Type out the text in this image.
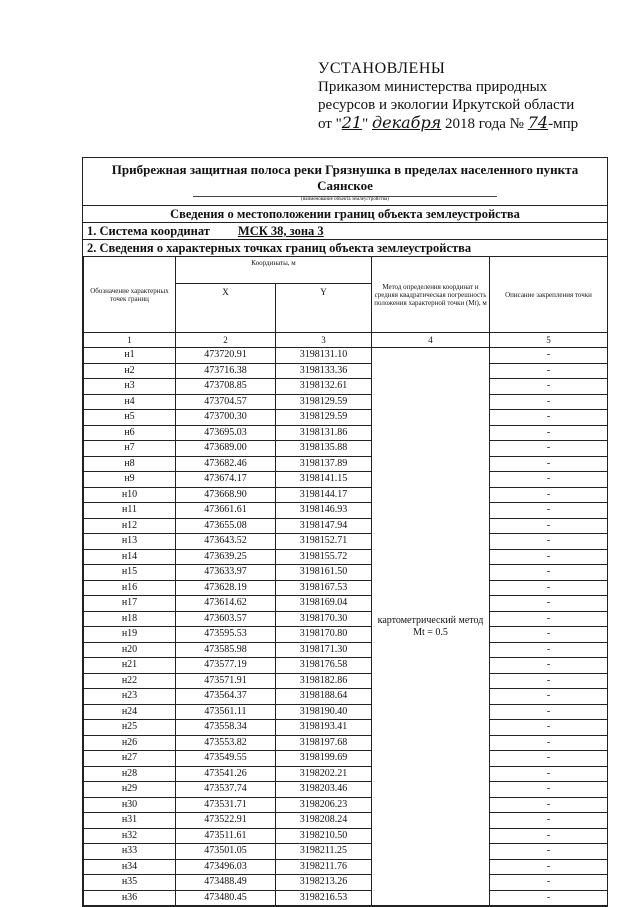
УСТАНОВЛЕНЫ
Приказом министерства природных
ресурсов и экологии Иркутской области
от "21" декабря 2018 года № 74-мпр
Прибрежная защитная полоса реки Грязнушка в пределах населенного пункта Саянское
(наименование объекта землеустройства)
Сведения о местоположении границ объекта землеустройства
1. Система координат МСК 38, зона 3
2. Сведения о характерных точках границ объекта землеустройства
Обозначение характерных точек границ	Координаты, м		Метод определения координат и средняя квадратическая погрешность положения характерной точки (Mt), м	Описание закрепления точки
	X	Y		
1	2	3	4	5
н1	473720.91	3198131.10	картометрический метод Mt = 0.5	-
н2	473716.38	3198133.36		-
н3	473708.85	3198132.61		-
н4	473704.57	3198129.59		-
н5	473700.30	3198129.59		-
н6	473695.03	3198131.86		-
н7	473689.00	3198135.88		-
н8	473682.46	3198137.89		-
н9	473674.17	3198141.15		-
н10	473668.90	3198144.17		-
н11	473661.61	3198146.93		-
н12	473655.08	3198147.94		-
н13	473643.52	3198152.71		-
н14	473639.25	3198155.72		-
н15	473633.97	3198161.50		-
н16	473628.19	3198167.53		-
н17	473614.62	3198169.04		-
н18	473603.57	3198170.30		-
н19	473595.53	3198170.80		-
н20	473585.98	3198171.30		-
н21	473577.19	3198176.58		-
н22	473571.91	3198182.86		-
н23	473564.37	3198188.64		-
н24	473561.11	3198190.40		-
н25	473558.34	3198193.41		-
н26	473553.82	3198197.68		-
н27	473549.55	3198199.69		-
н28	473541.26	3198202.21		-
н29	473537.74	3198203.46		-
н30	473531.71	3198206.23		-
н31	473522.91	3198208.24		-
н32	473511.61	3198210.50		-
н33	473501.05	3198211.25		-
н34	473496.03	3198211.76		-
н35	473488.49	3198213.26		-
н36	473480.45	3198216.53		-
